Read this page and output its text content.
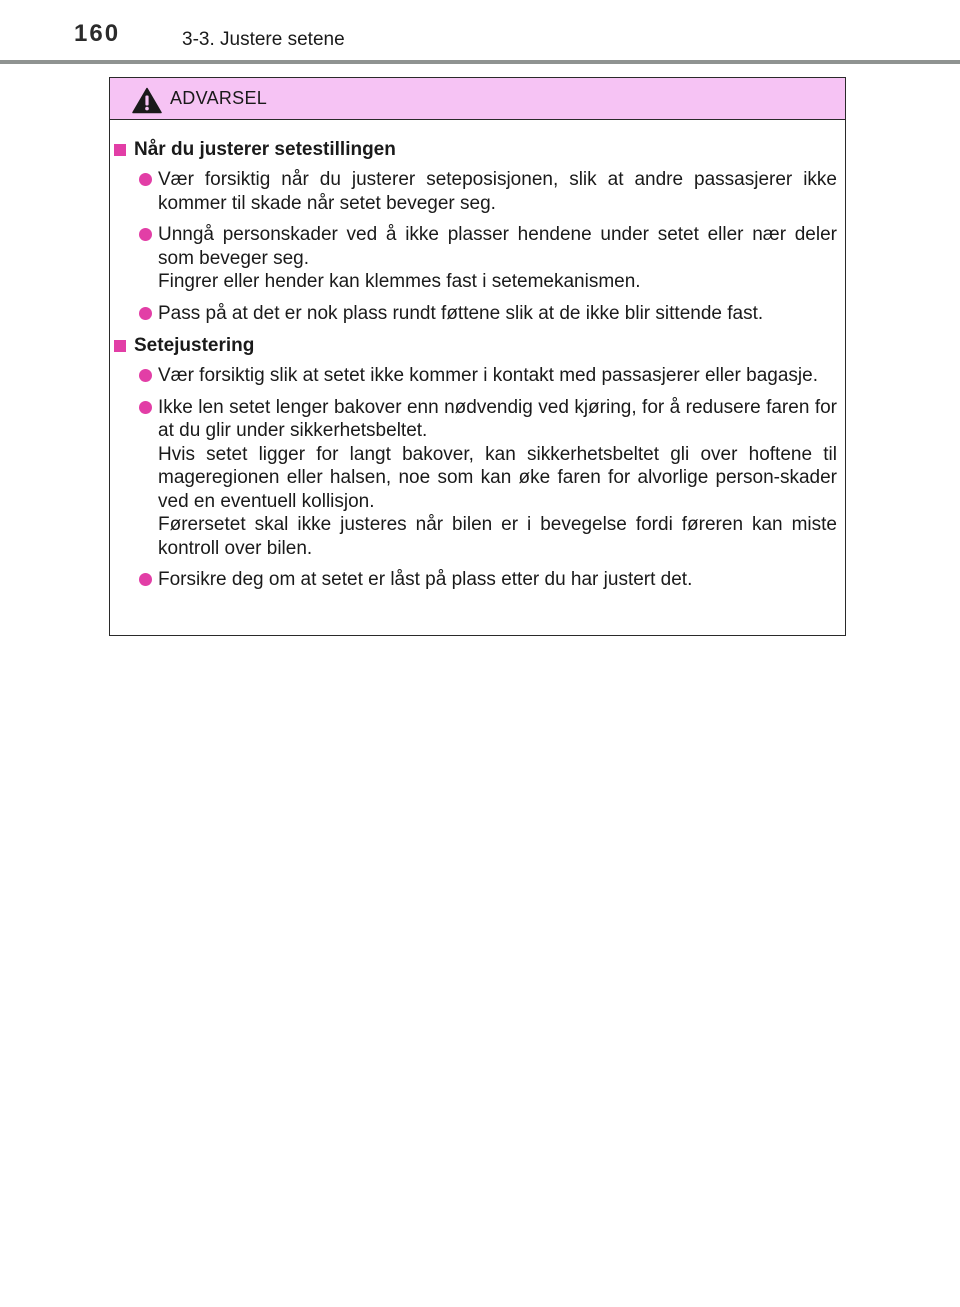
160	3-3. Justere setene
ADVARSEL
Når du justerer setestillingen
Vær forsiktig når du justerer seteposisjonen, slik at andre passasjerer ikke kommer til skade når setet beveger seg.
Unngå personskader ved å ikke plasser hendene under setet eller nær deler som beveger seg.
Fingrer eller hender kan klemmes fast i setemekanismen.
Pass på at det er nok plass rundt føttene slik at de ikke blir sittende fast.
Setejustering
Vær forsiktig slik at setet ikke kommer i kontakt med passasjerer eller bagasje.
Ikke len setet lenger bakover enn nødvendig ved kjøring, for å redusere faren for at du glir under sikkerhetsbeltet.
Hvis setet ligger for langt bakover, kan sikkerhetsbeltet gli over hoftene til mageregionen eller halsen, noe som kan øke faren for alvorlige person-skader ved en eventuell kollisjon.
Førersetet skal ikke justeres når bilen er i bevegelse fordi føreren kan miste kontroll over bilen.
Forsikre deg om at setet er låst på plass etter du har justert det.
